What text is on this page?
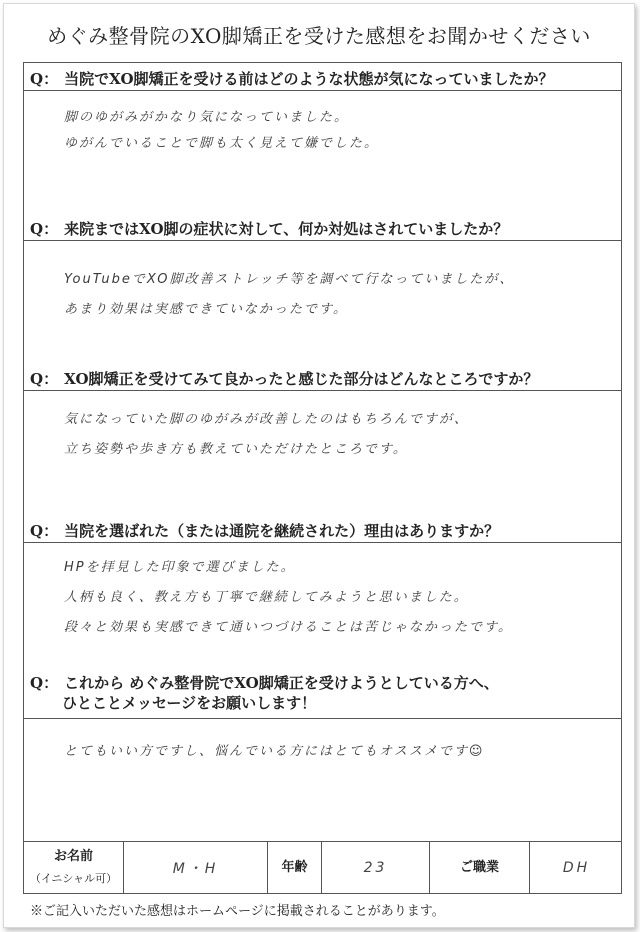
めぐみ整骨院のXO脚矯正を受けた感想をお聞かせください
Q： 当院でXO脚矯正を受ける前はどのような状態が気になっていましたか？

脚のゆがみがかなり気になっていました。

ゆがんでいることで脚も太く見えて嫌でした。

Q： 来院まではXO脚の症状に対して、何か対処はされていましたか？

YouTubeでXO脚改善ストレッチ等を調べて行なっていましたが、

あまり効果は実感できていなかったです。

Q： XO脚矯正を受けてみて良かったと感じた部分はどんなところですか？

気になっていた脚のゆがみが改善したのはもちろんですが、

立ち姿勢や歩き方も教えていただけたところです。

Q： 当院を選ばれた（または通院を継続された）理由はありますか？

HPを拝見した印象で選びました。

人柄も良く、教え方も丁寧で継続してみようと思いました。

段々と効果も実感できて通いつづけることは苦じゃなかったです。

Q： これから めぐみ整骨院でXO脚矯正を受けようとしている方へ、
ひとことメッセージをお願いします！

とてもいい方ですし、悩んでいる方にはとてもオススメです☺

お名前
（イニシャル可）
M・H	年齢	23	ご職業	DH
※ご記入いただいた感想はホームページに掲載されることがあります。
